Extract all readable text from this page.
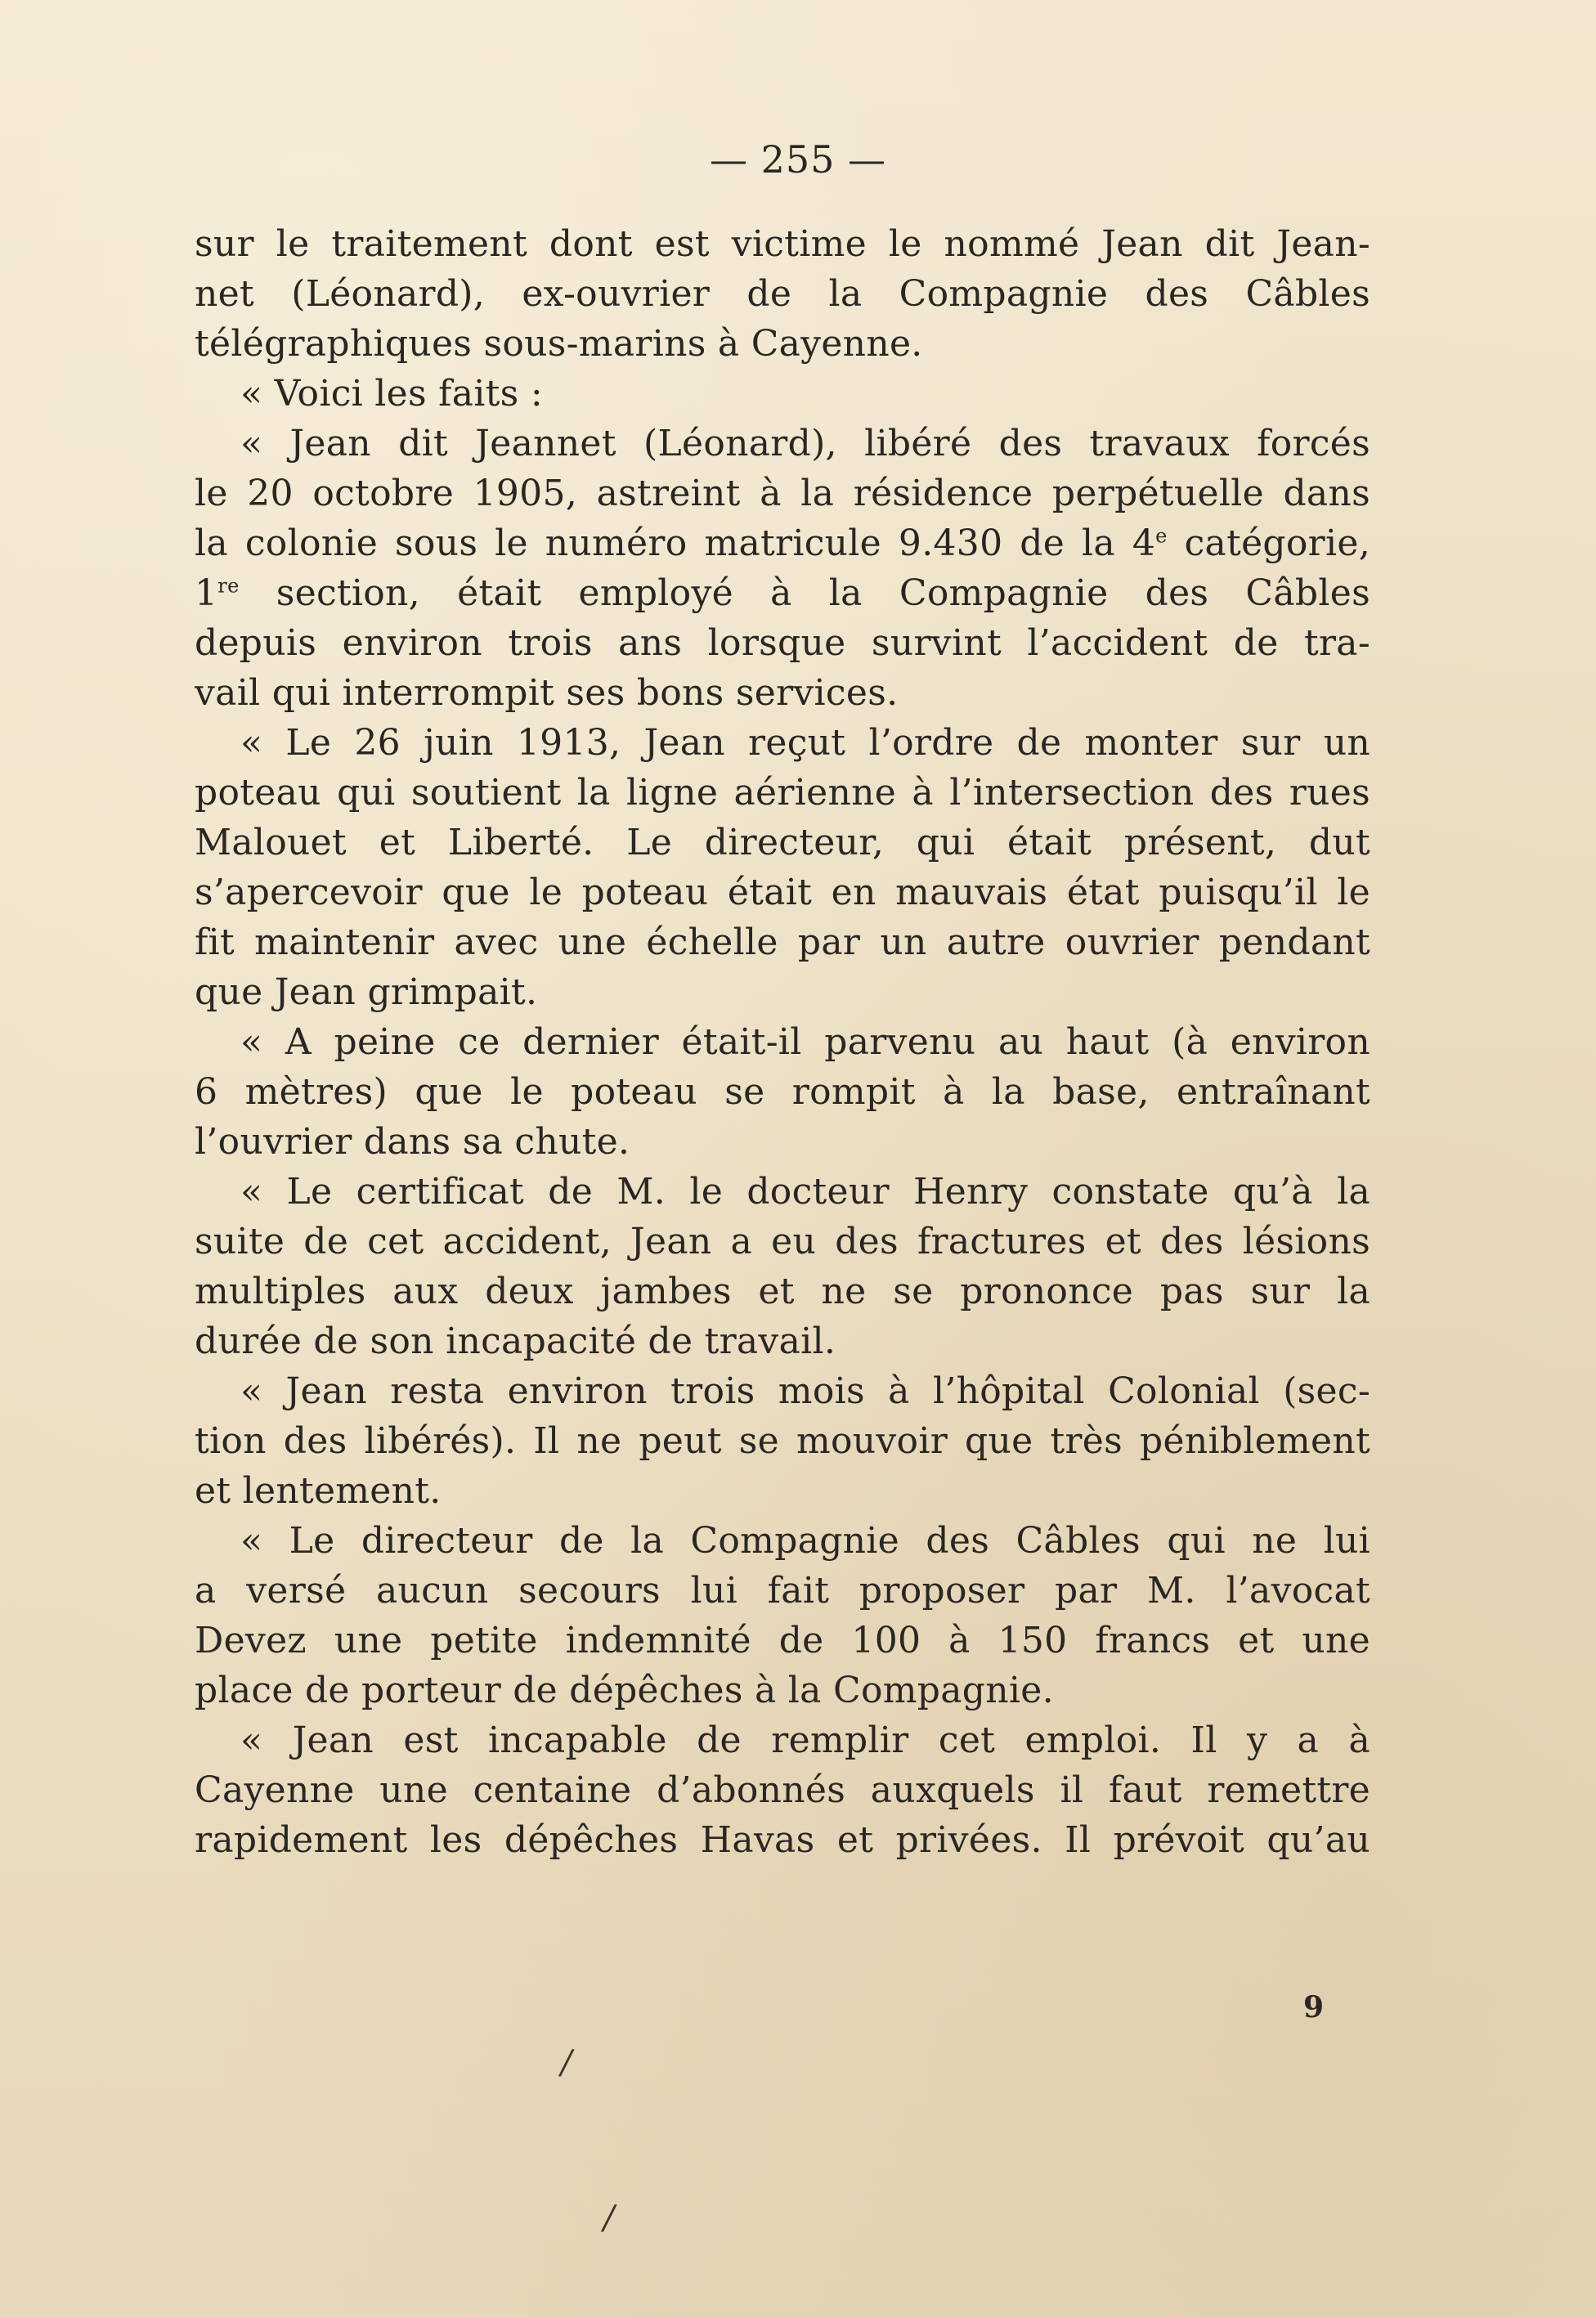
— 255 —
sur le traitement dont est victime le nommé Jean dit Jean-
net (Léonard), ex-ouvrier de la Compagnie des Câbles
télégraphiques sous-marins à Cayenne.
« Voici les faits :
« Jean dit Jeannet (Léonard), libéré des travaux forcés
le 20 octobre 1905, astreint à la résidence perpétuelle dans
la colonie sous le numéro matricule 9.430 de la 4e catégorie,
1re section, était employé à la Compagnie des Câbles
depuis environ trois ans lorsque survint l’accident de tra-
vail qui interrompit ses bons services.
« Le 26 juin 1913, Jean reçut l’ordre de monter sur un
poteau qui soutient la ligne aérienne à l’intersection des rues
Malouet et Liberté. Le directeur, qui était présent, dut
s’apercevoir que le poteau était en mauvais état puisqu’il le
fit maintenir avec une échelle par un autre ouvrier pendant
que Jean grimpait.
« A peine ce dernier était-il parvenu au haut (à environ
6 mètres) que le poteau se rompit à la base, entraînant
l’ouvrier dans sa chute.
« Le certificat de M. le docteur Henry constate qu’à la
suite de cet accident, Jean a eu des fractures et des lésions
multiples aux deux jambes et ne se prononce pas sur la
durée de son incapacité de travail.
« Jean resta environ trois mois à l’hôpital Colonial (sec-
tion des libérés). Il ne peut se mouvoir que très péniblement
et lentement.
« Le directeur de la Compagnie des Câbles qui ne lui
a versé aucun secours lui fait proposer par M. l’avocat
Devez une petite indemnité de 100 à 150 francs et une
place de porteur de dépêches à la Compagnie.
« Jean est incapable de remplir cet emploi. Il y a à
Cayenne une centaine d’abonnés auxquels il faut remettre
rapidement les dépêches Havas et privées. Il prévoit qu’au
9
/
/
